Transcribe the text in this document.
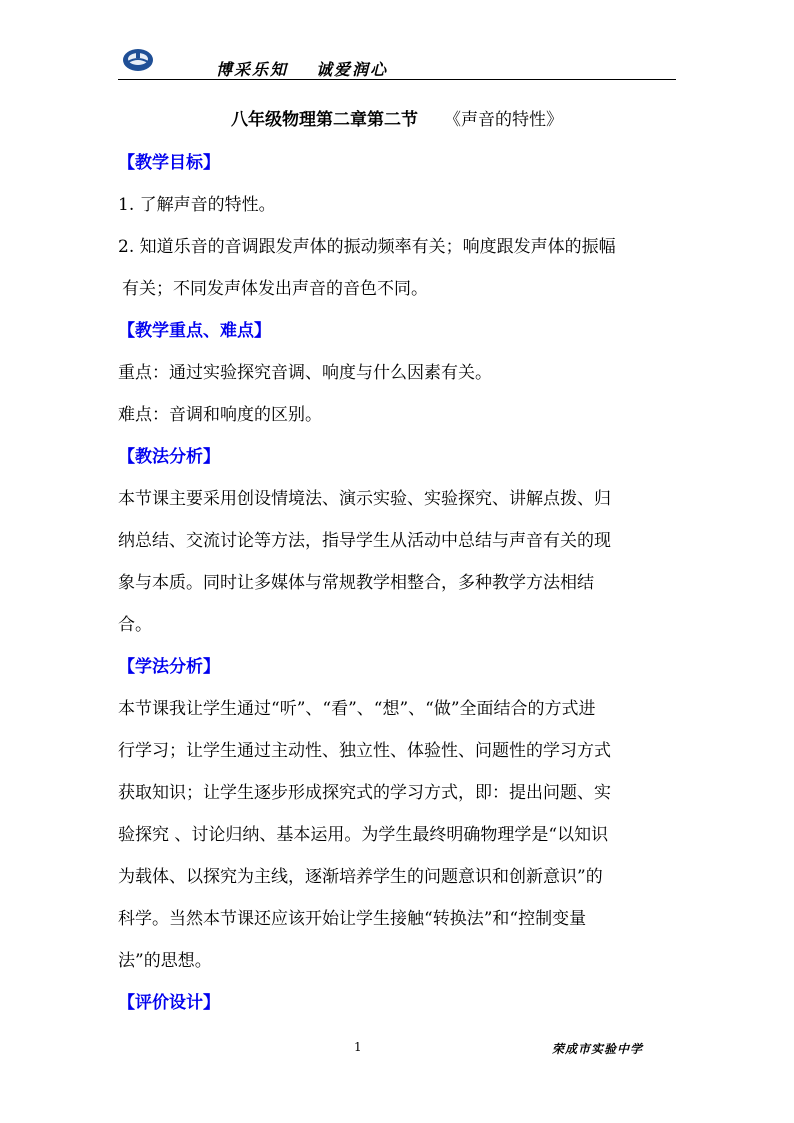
博采乐知 诚爱润心
八年级物理第二章第二节 《声音的特性》
【教学目标】
1. 了解声音的特性。
2. 知道乐音的音调跟发声体的振动频率有关；响度跟发声体的振幅
有关；不同发声体发出声音的音色不同。
【教学重点、难点】
重点：通过实验探究音调、响度与什么因素有关。
难点：音调和响度的区别。
【教法分析】
本节课主要采用创设情境法、演示实验、实验探究、讲解点拨、归
纳总结、交流讨论等方法，指导学生从活动中总结与声音有关的现
象与本质。同时让多媒体与常规教学相整合，多种教学方法相结
合。
【学法分析】
本节课我让学生通过“听”、“看”、“想”、“做”全面结合的方式进
行学习；让学生通过主动性、独立性、体验性、问题性的学习方式
获取知识；让学生逐步形成探究式的学习方式，即：提出问题、实
验探究 、讨论归纳、基本运用。为学生最终明确物理学是“以知识
为载体、以探究为主线，逐渐培养学生的问题意识和创新意识”的
科学。当然本节课还应该开始让学生接触“转换法”和“控制变量
法”的思想。
【评价设计】
1	荣成市实验中学
